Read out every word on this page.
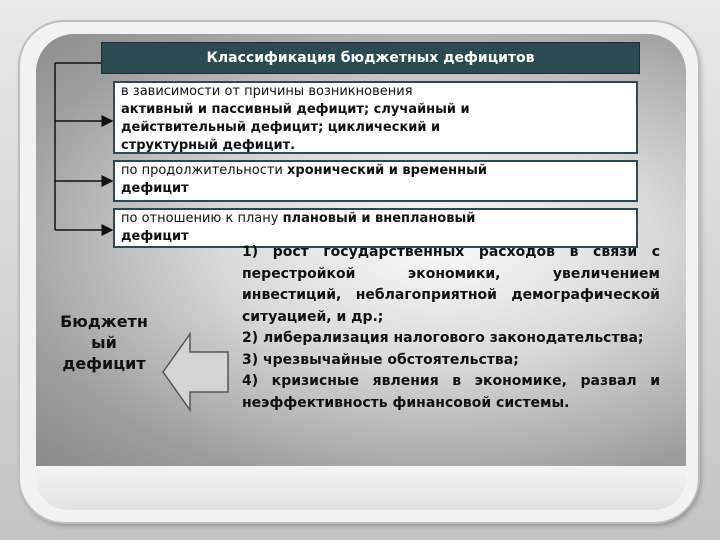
Классификация бюджетных дефицитов
в зависимости от причины возникновения
активный и пассивный дефицит; случайный и
действительный дефицит; циклический и
структурный дефицит.
по продолжительности хронический и временный
дефицит
по отношению к плану плановый и внеплановый
дефицит
Бюджетн
ый
дефицит

1) рост государственных расходов в связи с перестройкой экономики, увеличением инвестиций, неблагоприятной демографической ситуацией, и др.;

2) либерализация налогового законодательства;

3) чрезвычайные обстоятельства;

4) кризисные явления в экономике, развал и неэффективность финансовой системы.
